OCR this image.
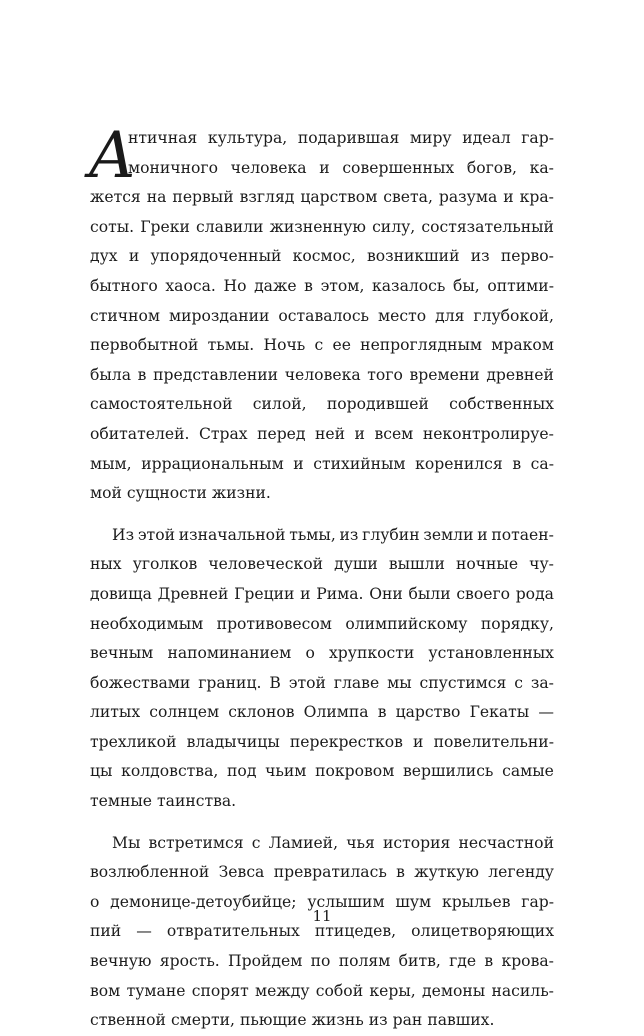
А
нтичная культура, подарившая миру идеал гар-
моничного человека и совершенных богов, ка-
жется на первый взгляд царством света, разума и кра-
соты. Греки славили жизненную силу, состязательный
дух и упорядоченный космос, возникший из перво-
бытного хаоса. Но даже в этом, казалось бы, оптими-
стичном мироздании оставалось место для глубокой,
первобытной тьмы. Ночь с ее непроглядным мраком
была в представлении человека того времени древней
самостоятельной силой, породившей собственных
обитателей. Страх перед ней и всем неконтролируе-
мым, иррациональным и стихийным коренился в са-
мой сущности жизни.
Из этой изначальной тьмы, из глубин земли и потаен-
ных уголков человеческой души вышли ночные чу-
довища Древней Греции и Рима. Они были своего рода
необходимым противовесом олимпийскому порядку,
вечным напоминанием о хрупкости установленных
божествами границ. В этой главе мы спустимся с за-
литых солнцем склонов Олимпа в царство Гекаты —
трехликой владычицы перекрестков и повелительни-
цы колдовства, под чьим покровом вершились самые
темные таинства.
Мы встретимся с Ламией, чья история несчастной
возлюбленной Зевса превратилась в жуткую легенду
о демонице-детоубийце; услышим шум крыльев гар-
пий — отвратительных птицедев, олицетворяющих
вечную ярость. Пройдем по полям битв, где в крова-
вом тумане спорят между собой керы, демоны насиль-
ственной смерти, пьющие жизнь из ран павших.
11
